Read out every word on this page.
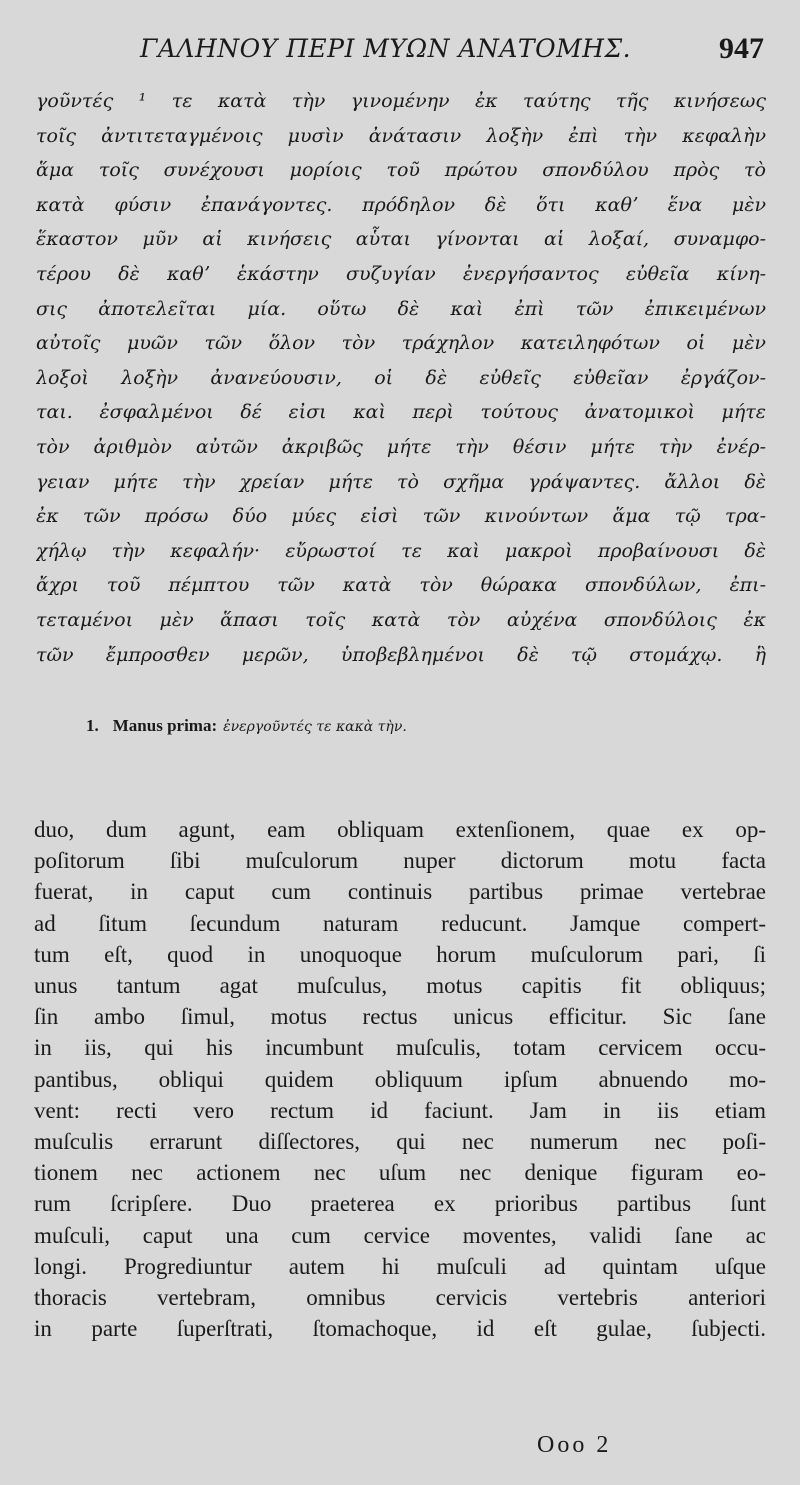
ΓΑΛΗΝΟΥ ΠΕΡΙ ΜΥΩΝ ΑΝΑΤΟΜΗΣ.	947
γοῦντές ¹ τε κατὰ τὴν γινομένην ἐκ ταύτης τῆς κινήσεως
τοῖς ἀντιτεταγμένοις μυσὶν ἀνάτασιν λοξὴν ἐπὶ τὴν κεφαλὴν
ἅμα τοῖς συνέχουσι μορίοις τοῦ πρώτου σπονδύλου πρὸς τὸ
κατὰ φύσιν ἐπανάγοντες. πρόδηλον δὲ ὅτι καθʼ ἕνα μὲν
ἕκαστον μῦν αἱ κινήσεις αὗται γίνονται αἱ λοξαί, συναμφο-
τέρου δὲ καθʼ ἑκάστην συζυγίαν ἐνεργήσαντος εὐθεῖα κίνη-
σις ἀποτελεῖται μία. οὕτω δὲ καὶ ἐπὶ τῶν ἐπικειμένων
αὐτοῖς μυῶν τῶν ὅλον τὸν τράχηλον κατειληφότων οἱ μὲν
λοξοὶ λοξὴν ἀνανεύουσιν, οἱ δὲ εὐθεῖς εὐθεῖαν ἐργάζον-
ται. ἐσφαλμένοι δέ εἰσι καὶ περὶ τούτους ἀνατομικοὶ μήτε
τὸν ἀριθμὸν αὐτῶν ἀκριβῶς μήτε τὴν θέσιν μήτε τὴν ἐνέρ-
γειαν μήτε τὴν χρείαν μήτε τὸ σχῆμα γράψαντες. ἄλλοι δὲ
ἐκ τῶν πρόσω δύο μύες εἰσὶ τῶν κινούντων ἅμα τῷ τρα-
χήλῳ τὴν κεφαλήν· εὔρωστοί τε καὶ μακροὶ προβαίνουσι δὲ
ἄχρι τοῦ πέμπτου τῶν κατὰ τὸν θώρακα σπονδύλων, ἐπι-
τεταμένοι μὲν ἅπασι τοῖς κατὰ τὸν αὐχένα σπονδύλοις ἐκ
τῶν ἔμπροσθεν μερῶν, ὑποβεβλημένοι δὲ τῷ στομάχῳ. ἣ
1. Manus prima: ἐνεργοῦντές τε κακὰ τὴν.
duo, dum agunt, eam obliquam extenſionem, quae ex op-
poſitorum ſibi muſculorum nuper dictorum motu facta
fuerat, in caput cum continuis partibus primae vertebrae
ad ſitum ſecundum naturam reducunt. Jamque compert-
tum eſt, quod in unoquoque horum muſculorum pari, ſi
unus tantum agat muſculus, motus capitis fit obliquus;
ſin ambo ſimul, motus rectus unicus efficitur. Sic ſane
in iis, qui his incumbunt muſculis, totam cervicem occu-
pantibus, obliqui quidem obliquum ipſum abnuendo mo-
vent: recti vero rectum id faciunt. Jam in iis etiam
muſculis errarunt diſſectores, qui nec numerum nec poſi-
tionem nec actionem nec uſum nec denique figuram eo-
rum ſcripſere. Duo praeterea ex prioribus partibus ſunt
muſculi, caput una cum cervice moventes, validi ſane ac
longi. Progrediuntur autem hi muſculi ad quintam uſque
thoracis vertebram, omnibus cervicis vertebris anteriori
in parte ſuperſtrati, ſtomachoque, id eſt gulae, ſubjecti.
Ooo 2
